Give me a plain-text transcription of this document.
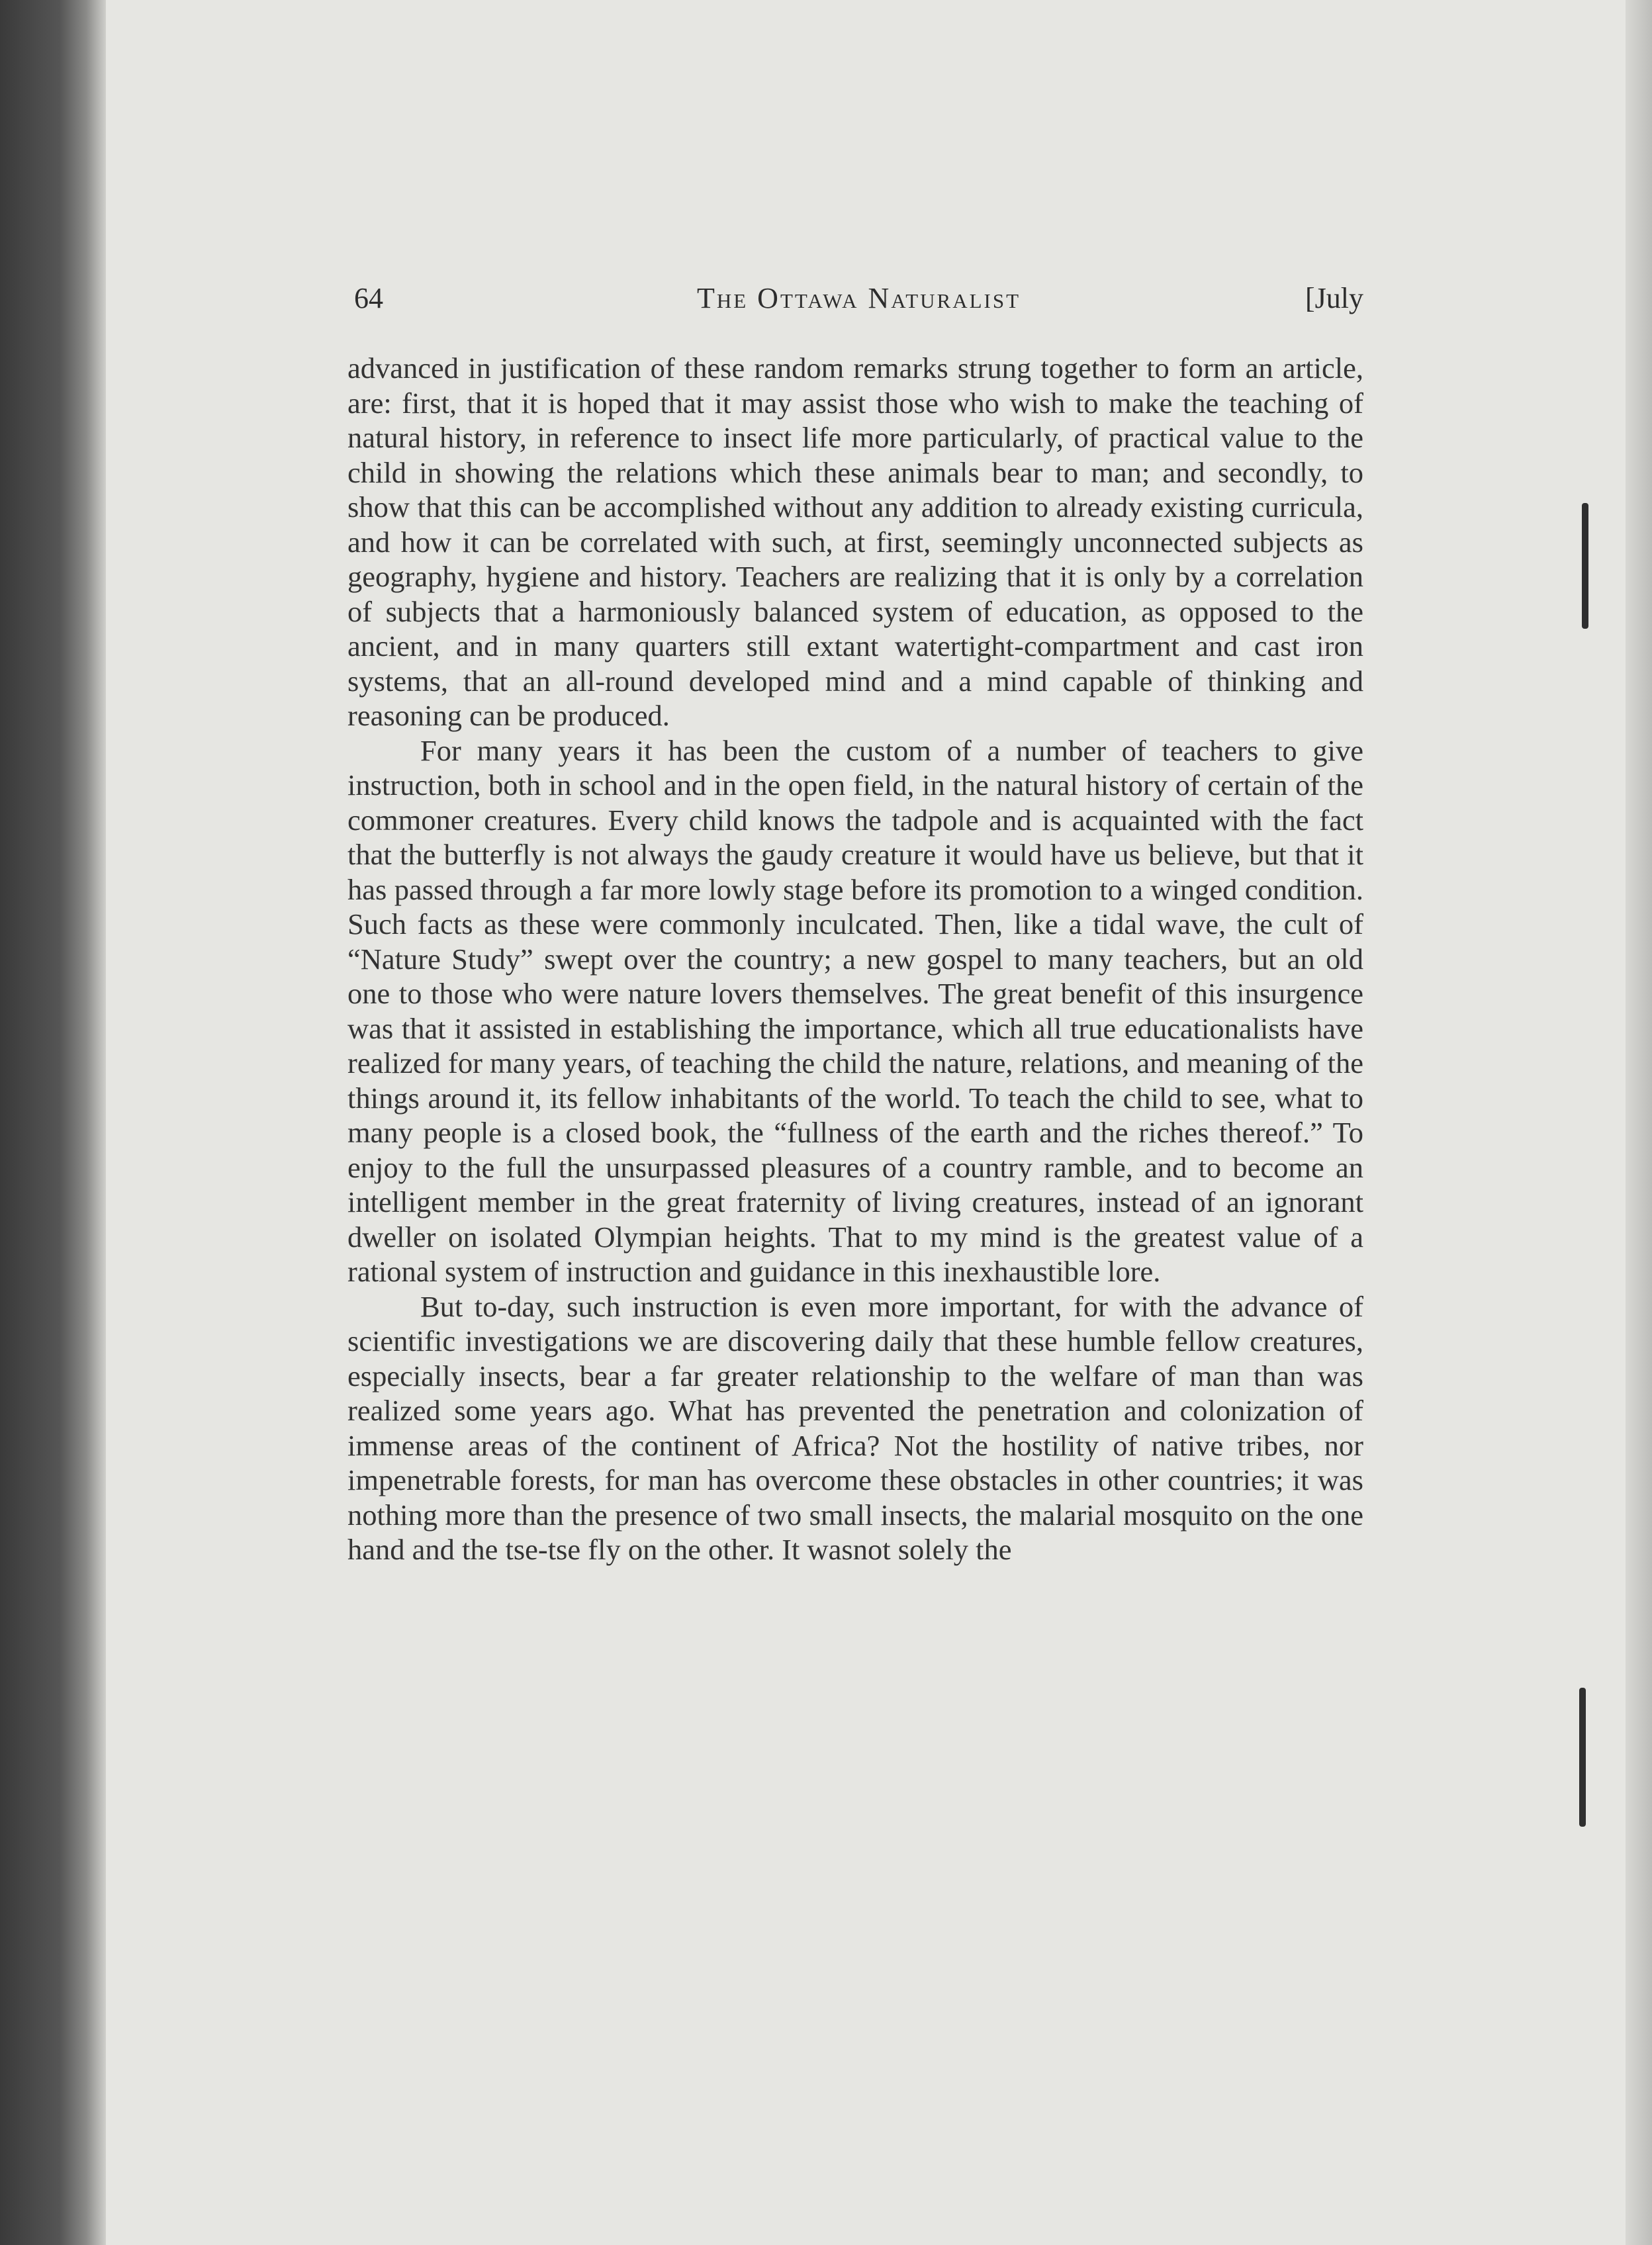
64	The Ottawa Naturalist	[July

advanced in justification of these random remarks strung together to form an article, are: first, that it is hoped that it may assist those who wish to make the teaching of natural history, in reference to insect life more particularly, of practical value to the child in showing the relations which these animals bear to man; and secondly, to show that this can be accomplished without any addition to already existing curricula, and how it can be correlated with such, at first, seemingly unconnected subjects as geography, hygiene and history. Teachers are realizing that it is only by a correlation of subjects that a harmoniously balanced system of education, as opposed to the ancient, and in many quarters still extant watertight-compartment and cast iron systems, that an all-round developed mind and a mind capable of thinking and reasoning can be produced.

For many years it has been the custom of a number of teachers to give instruction, both in school and in the open field, in the natural history of certain of the commoner creatures. Every child knows the tadpole and is acquainted with the fact that the butterfly is not always the gaudy creature it would have us believe, but that it has passed through a far more lowly stage before its promotion to a winged condition. Such facts as these were commonly inculcated. Then, like a tidal wave, the cult of “Nature Study” swept over the country; a new gospel to many teachers, but an old one to those who were nature lovers themselves. The great benefit of this insurgence was that it assisted in establishing the importance, which all true educationalists have realized for many years, of teaching the child the nature, relations, and meaning of the things around it, its fellow inhabitants of the world. To teach the child to see, what to many people is a closed book, the “fullness of the earth and the riches thereof.” To enjoy to the full the unsurpassed pleasures of a country ramble, and to become an intelligent member in the great fraternity of living creatures, instead of an ignorant dweller on isolated Olympian heights. That to my mind is the greatest value of a rational system of instruction and guidance in this inexhaustible lore.

But to-day, such instruction is even more important, for with the advance of scientific investigations we are discovering daily that these humble fellow creatures, especially insects, bear a far greater relationship to the welfare of man than was realized some years ago. What has prevented the penetration and colonization of immense areas of the continent of Africa? Not the hostility of native tribes, nor impenetrable forests, for man has overcome these obstacles in other countries; it was nothing more than the presence of two small insects, the malarial mosquito on the one hand and the tse-tse fly on the other. It wasnot solely the
